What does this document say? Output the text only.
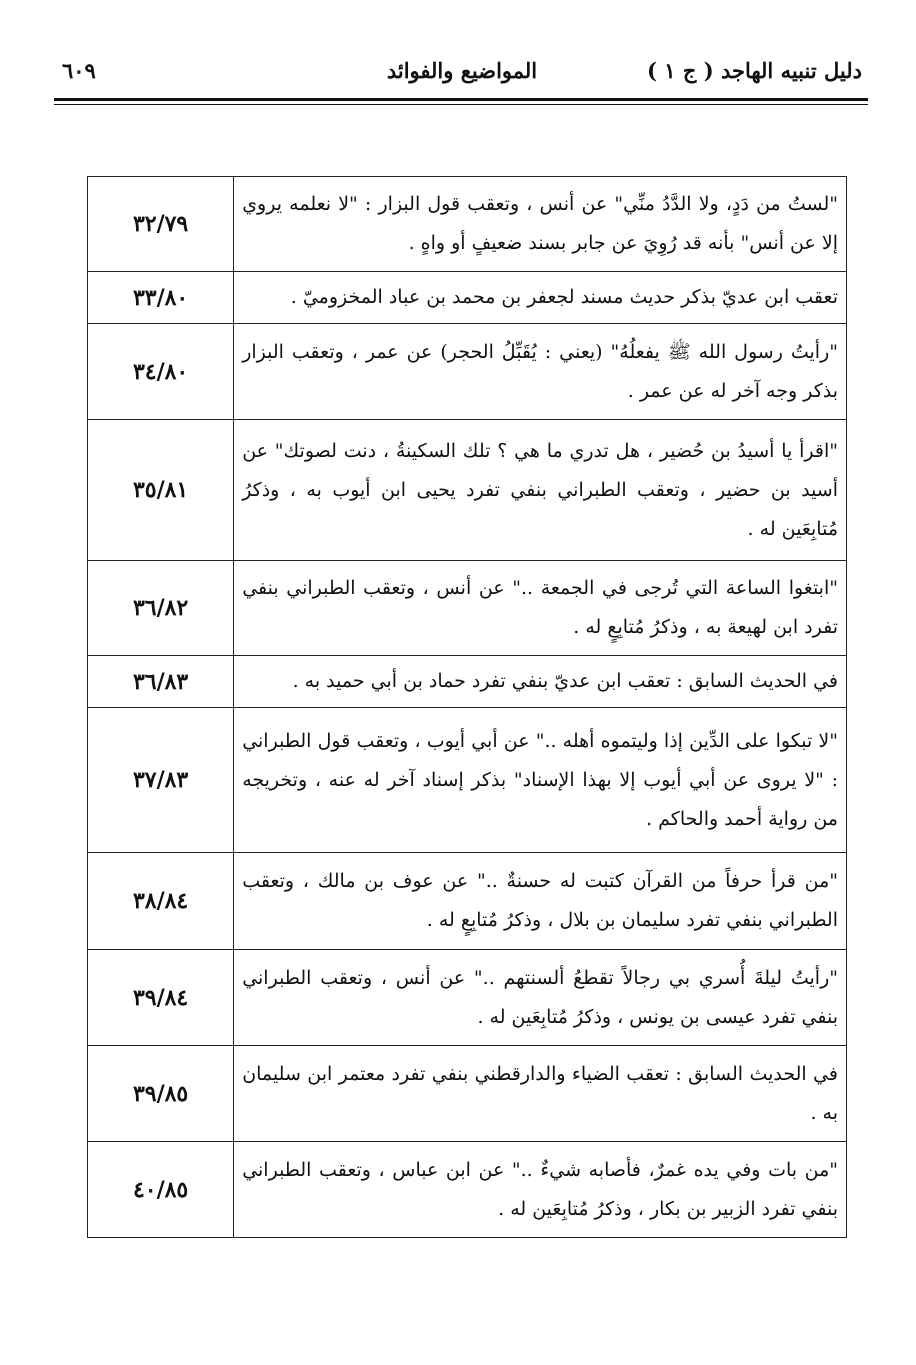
دليل تنبيه الهاجد ( ج ١ )
المواضيع والفوائد
٦٠٩
"لستُ من دَدٍ، ولا الدَّدُ منِّي" عن أنس ، وتعقب قول البزار : "لا نعلمه يروي إلا عن أنس" بأنه قد رُوِيَ عن جابر بسند ضعيفٍ أو واهٍ .	٣٢/٧٩
تعقب ابن عديّ بذكر حديث مسند لجعفر بن محمد بن عباد المخزوميّ .	٣٣/٨٠
"رأيتُ رسول الله ﷺ يفعلُهُ" (يعني : يُقَبِّلُ الحجر) عن عمر ، وتعقب البزار بذكر وجه آخر له عن عمر .	٣٤/٨٠
"اقرأ يا أسيدُ بن حُضير ، هل تدري ما هي ؟ تلك السكينةُ ، دنت لصوتك" عن أسيد بن حضير ، وتعقب الطبراني بنفي تفرد يحيى ابن أيوب به ، وذكرُ مُتابِعَين له .	٣٥/٨١
"ابتغوا الساعة التي تُرجى في الجمعة .." عن أنس ، وتعقب الطبراني بنفي تفرد ابن لهيعة به ، وذكرُ مُتابِعٍ له .	٣٦/٨٢
في الحديث السابق : تعقب ابن عديّ بنفي تفرد حماد بن أبي حميد به .	٣٦/٨٣
"لا تبكوا على الدِّين إذا وليتموه أهله .." عن أبي أيوب ، وتعقب قول الطبراني : "لا يروى عن أبي أيوب إلا بهذا الإسناد" بذكر إسناد آخر له عنه ، وتخريجه من رواية أحمد والحاكم .	٣٧/٨٣
"من قرأ حرفاً من القرآن كتبت له حسنةٌ .." عن عوف بن مالك ، وتعقب الطبراني بنفي تفرد سليمان بن بلال ، وذكرُ مُتابِعٍ له .	٣٨/٨٤
"رأيتُ ليلةَ أُسري بي رجالاً تقطعُ ألسنتهم .." عن أنس ، وتعقب الطبراني بنفي تفرد عيسى بن يونس ، وذكرُ مُتابِعَين له .	٣٩/٨٤
في الحديث السابق : تعقب الضياء والدارقطني بنفي تفرد معتمر ابن سليمان به .	٣٩/٨٥
"من بات وفي يده غمرٌ، فأصابه شيءٌ .." عن ابن عباس ، وتعقب الطبراني بنفي تفرد الزبير بن بكار ، وذكرُ مُتابِعَين له .	٤٠/٨٥
